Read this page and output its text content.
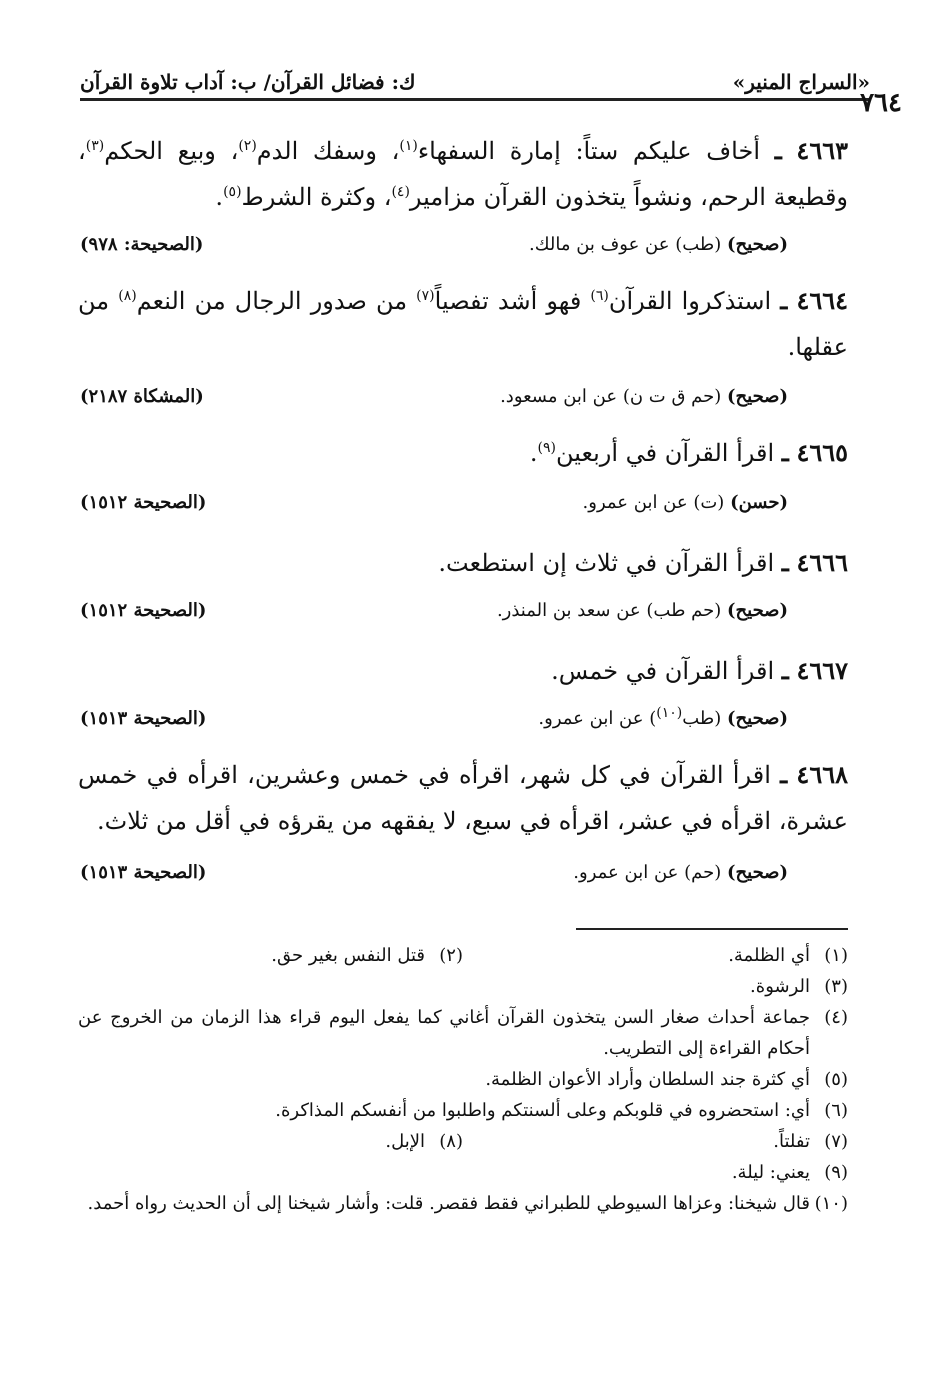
«السراج المنير»
ك: فضائل القرآن/ ب: آداب تلاوة القرآن
٧٦٤
٤٦٦٣ ـ أخاف عليكم ستاً: إمارة السفهاء$^{(١)}$، وسفك الدم$^{(٢)}$، وبيع الحكم$^{(٣)}$، وقطيعة الرحم، ونشواً يتخذون القرآن مزامير$^{(٤)}$، وكثرة الشرط$^{(٥)}$.
(صحيح) (طب) عن عوف بن مالك.
(الصحيحة: ٩٧٨)
٤٦٦٤ ـ استذكروا القرآن$^{(٦)}$ فهو أشد تفصياً$^{(٧)}$ من صدور الرجال من النعم$^{(٨)}$ من عقلها.
(صحيح) (حم ق ت ن) عن ابن مسعود.
(المشكاة ٢١٨٧)
٤٦٦٥ ـ اقرأ القرآن في أربعين$^{(٩)}$.
(حسن) (ت) عن ابن عمرو.
(الصحيحة ١٥١٢)
٤٦٦٦ ـ اقرأ القرآن في ثلاث إن استطعت.
(صحيح) (حم طب) عن سعد بن المنذر.
(الصحيحة ١٥١٢)
٤٦٦٧ ـ اقرأ القرآن في خمس.
(صحيح) (طب$^{(١٠)}$) عن ابن عمرو.
(الصحيحة ١٥١٣)
٤٦٦٨ ـ اقرأ القرآن في كل شهر، اقرأه في خمس وعشرين، اقرأه في خمس عشرة، اقرأه في عشر، اقرأه في سبع، لا يفقهه من يقرؤه في أقل من ثلاث.
(صحيح) (حم) عن ابن عمرو.
(الصحيحة ١٥١٣)
(١)
أي الظلمة.
(٢)
قتل النفس بغير حق.
(٣)
الرشوة.
(٤)
جماعة أحداث صغار السن يتخذون القرآن أغاني كما يفعل اليوم قراء هذا الزمان من الخروج عن أحكام القراءة إلى التطريب.
(٥)
أي كثرة جند السلطان وأراد الأعوان الظلمة.
(٦)
أي: استحضروه في قلوبكم وعلى ألسنتكم واطلبوا من أنفسكم المذاكرة.
(٧)
تفلتاً.
(٨)
الإبل.
(٩)
يعني: ليلة.
(١٠)
قال شيخنا: وعزاها السيوطي للطبراني فقط فقصر. قلت: وأشار شيخنا إلى أن الحديث رواه أحمد.
